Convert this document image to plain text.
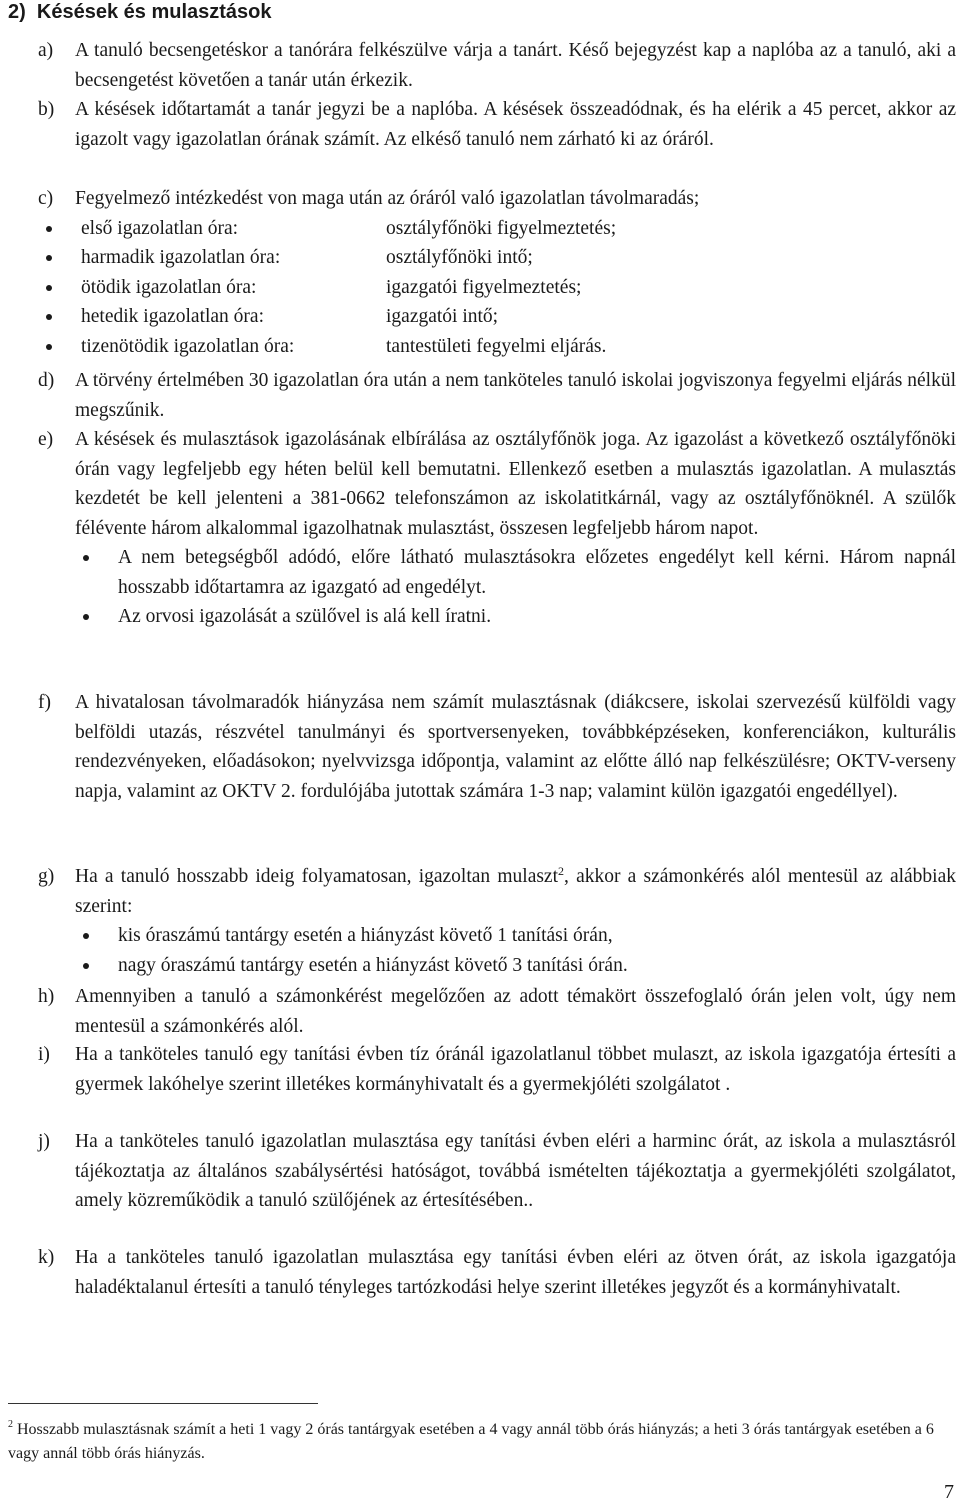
2)  Késések és mulasztások
a)	A tanuló becsengetéskor a tanórára felkészülve várja a tanárt. Késő bejegyzést kap a naplóba az a tanuló, aki a becsengetést követően a tanár után érkezik.
b)	A késések időtartamát a tanár jegyzi be a naplóba. A késések összeadódnak, és ha elérik a 45 percet, akkor az igazolt vagy igazolatlan órának számít. Az elkéső tanuló nem zárható ki az óráról.
c)	Fegyelmező intézkedést von maga után az óráról való igazolatlan távolmaradás;
első igazolatlan óra:	osztályfőnöki figyelmeztetés;
harmadik igazolatlan óra:	osztályfőnöki intő;
ötödik igazolatlan óra:	igazgatói figyelmeztetés;
hetedik igazolatlan óra:	igazgatói intő;
tizenötödik igazolatlan óra:	tantestületi fegyelmi eljárás.
d)	A törvény értelmében 30 igazolatlan óra után a nem tanköteles tanuló iskolai jogviszonya fegyelmi eljárás nélkül megszűnik.
e)	A késések és mulasztások igazolásának elbírálása az osztályfőnök joga. Az igazolást a következő osztályfőnöki órán vagy legfeljebb egy héten belül kell bemutatni. Ellenkező esetben a mulasztás igazolatlan. A mulasztás kezdetét be kell jelenteni a 381-0662 telefonszámon az iskolatitkárnál, vagy az osztályfőnöknél. A szülők félévente három alkalommal igazolhatnak mulasztást, összesen legfeljebb három napot.
A nem betegségből adódó, előre látható mulasztásokra előzetes engedélyt kell kérni. Három napnál hosszabb időtartamra az igazgató ad engedélyt.
Az orvosi igazolását a szülővel is alá kell íratni.
f)	A hivatalosan távolmaradók hiányzása nem számít mulasztásnak (diákcsere, iskolai szervezésű külföldi vagy belföldi utazás, részvétel tanulmányi és sportversenyeken, továbbképzéseken, konferenciákon, kulturális rendezvényeken, előadásokon; nyelvvizsga időpontja, valamint az előtte álló nap felkészülésre; OKTV-verseny napja, valamint az OKTV 2. fordulójába jutottak számára 1-3 nap; valamint külön igazgatói engedéllyel).
g)	Ha a tanuló hosszabb ideig folyamatosan, igazoltan mulaszt$^2$, akkor a számonkérés alól mentesül az alábbiak szerint:
kis óraszámú tantárgy esetén a hiányzást követő 1 tanítási órán,
nagy óraszámú tantárgy esetén a hiányzást követő 3 tanítási órán.
h)	Amennyiben a tanuló a számonkérést megelőzően az adott témakört összefoglaló órán jelen volt, úgy nem mentesül a számonkérés alól.
i)	Ha a tanköteles tanuló egy tanítási évben tíz óránál igazolatlanul többet mulaszt, az iskola igazgatója értesíti a gyermek lakóhelye szerint illetékes kormányhivatalt és a gyermekjóléti szolgálatot .
j)	Ha a tanköteles tanuló igazolatlan mulasztása egy tanítási évben eléri a harminc órát, az iskola a mulasztásról tájékoztatja az általános szabálysértési hatóságot, továbbá ismételten tájékoztatja a gyermekjóléti szolgálatot, amely közreműködik a tanuló szülőjének az értesítésében..
k)	Ha a tanköteles tanuló igazolatlan mulasztása egy tanítási évben eléri az ötven órát, az iskola igazgatója haladéktalanul értesíti a tanuló tényleges tartózkodási helye szerint illetékes jegyzőt és a kormányhivatalt.
$^2$ Hosszabb mulasztásnak számít a heti 1 vagy 2 órás tantárgyak esetében a 4 vagy annál több órás hiányzás; a heti 3 órás tantárgyak esetében a 6 vagy annál több órás hiányzás.
7
